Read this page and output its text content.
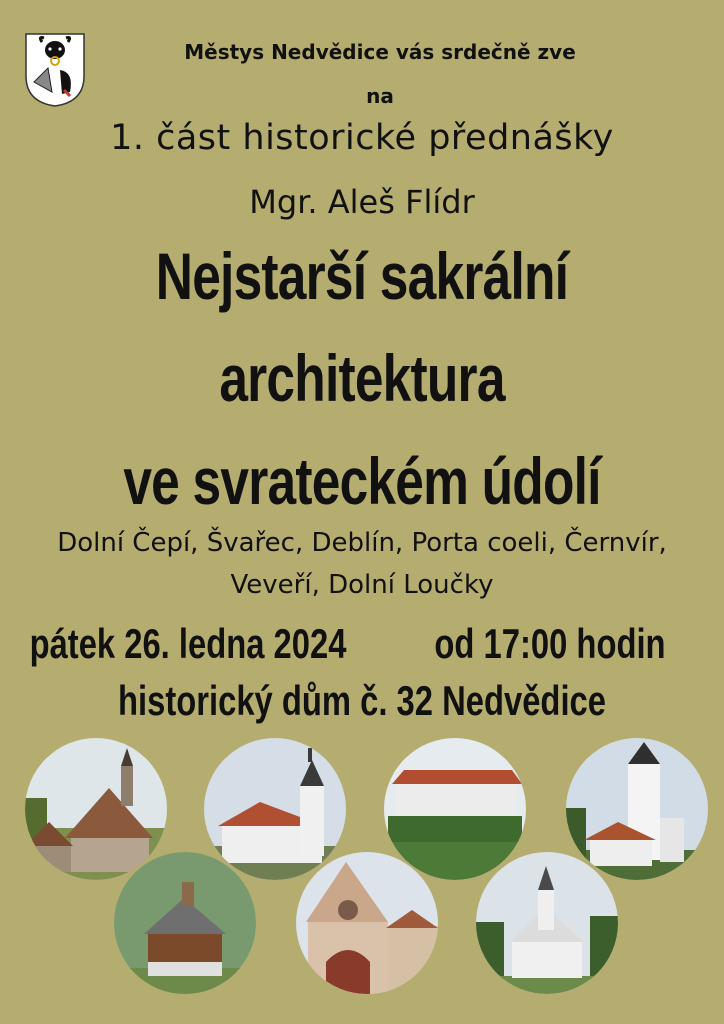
Městys Nedvědice vás srdečně zve
na
1. část historické přednášky
Mgr. Aleš Flídr
Nejstarší sakrální
architektura
ve svrateckém údolí
Dolní Čepí, Švařec, Deblín, Porta coeli, Černvír,
Veveří, Dolní Loučky
pátek 26. ledna 2024	od 17:00 hodin
historický dům č. 32 Nedvědice
